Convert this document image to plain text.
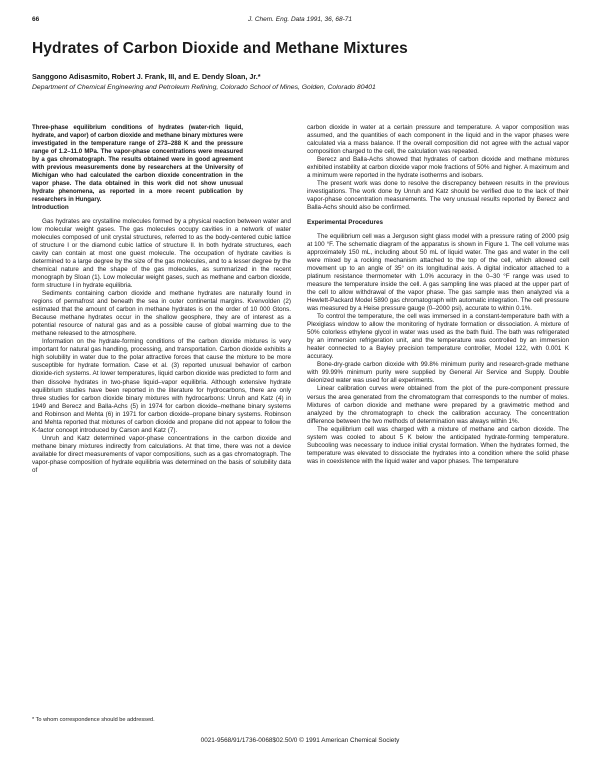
66	J. Chem. Eng. Data 1991, 36, 68-71
Hydrates of Carbon Dioxide and Methane Mixtures
Sanggono Adisasmito, Robert J. Frank, III, and E. Dendy Sloan, Jr.*
Department of Chemical Engineering and Petroleum Refining, Colorado School of Mines, Golden, Colorado 80401

Three-phase equilibrium conditions of hydrates (water-rich liquid, hydrate, and vapor) of carbon dioxide and methane binary mixtures were investigated in the temperature range of 273–288 K and the pressure range of 1.2–11.0 MPa. The vapor-phase concentrations were measured by a gas chromatograph. The results obtained were in good agreement with previous measurements done by researchers at the University of Michigan who had calculated the carbon dioxide concentration in the vapor phase. The data obtained in this work did not show unusual hydrate phenomena, as reported in a more recent publication by researchers in Hungary.

Introduction

Gas hydrates are crystalline molecules formed by a physical reaction between water and low molecular weight gases. The gas molecules occupy cavities in a network of water molecules composed of unit crystal structures, referred to as the body-centered cubic lattice of structure I or the diamond cubic lattice of structure II. In both hydrate structures, each cavity can contain at most one guest molecule. The occupation of hydrate cavities is determined to a large degree by the size of the gas molecules, and to a lesser degree by the chemical nature and the shape of the gas molecules, as summarized in the recent monograph by Sloan (1). Low molecular weight gases, such as methane and carbon dioxide, form structure I in hydrate equilibria.

Sediments containing carbon dioxide and methane hydrates are naturally found in regions of permafrost and beneath the sea in outer continental margins. Kvenvolden (2) estimated that the amount of carbon in methane hydrates is on the order of 10 000 Gtons. Because methane hydrates occur in the shallow geosphere, they are of interest as a potential resource of natural gas and as a possible cause of global warming due to the methane released to the atmosphere.

Information on the hydrate-forming conditions of the carbon dioxide mixtures is very important for natural gas handling, processing, and transportation. Carbon dioxide exhibits a high solubility in water due to the polar attractive forces that cause the mixture to be more susceptible for hydrate formation. Case et al. (3) reported unusual behavior of carbon dioxide-rich systems. At lower temperatures, liquid carbon dioxide was predicted to form and then dissolve hydrates in two-phase liquid–vapor equilibria. Although extensive hydrate equilibrium studies have been reported in the literature for hydrocarbons, there are only three studies for carbon dioxide binary mixtures with hydrocarbons: Unruh and Katz (4) in 1949 and Berecz and Balla-Achs (5) in 1974 for carbon dioxide–methane binary systems and Robinson and Mehta (6) in 1971 for carbon dioxide–propane binary systems. Robinson and Mehta reported that mixtures of carbon dioxide and propane did not appear to follow the K-factor concept introduced by Carson and Katz (7).

Unruh and Katz determined vapor-phase concentrations in the carbon dioxide and methane binary mixtures indirectly from calculations. At that time, there was not a device available for direct measurements of vapor compositions, such as a gas chromatograph. The vapor-phase composition of hydrate equilibria was determined on the basis of solubility data of

carbon dioxide in water at a certain pressure and temperature. A vapor composition was assumed, and the quantities of each component in the liquid and in the vapor phases were calculated via a mass balance. If the overall composition did not agree with the actual vapor composition charged to the cell, the calculation was repeated.

Berecz and Balla-Achs showed that hydrates of carbon dioxide and methane mixtures exhibited instability at carbon dioxide vapor mole fractions of 50% and higher. A maximum and a minimum were reported in the hydrate isotherms and isobars.

The present work was done to resolve the discrepancy between results in the previous investigations. The work done by Unruh and Katz should be verified due to the lack of their vapor-phase concentration measurements. The very unusual results reported by Berecz and Balla-Achs should also be confirmed.

Experimental Procedures

The equilibrium cell was a Jerguson sight glass model with a pressure rating of 2000 psig at 100 °F. The schematic diagram of the apparatus is shown in Figure 1. The cell volume was approximately 150 mL, including about 50 mL of liquid water. The gas and water in the cell were mixed by a rocking mechanism attached to the top of the cell, which allowed cell movement up to an angle of 35° on its longitudinal axis. A digital indicator attached to a platinum resistance thermometer with 1.0% accuracy in the 0–30 °F range was used to measure the temperature inside the cell. A gas sampling line was placed at the upper part of the cell to allow withdrawal of the vapor phase. The gas sample was then analyzed via a Hewlett-Packard Model 5890 gas chromatograph with automatic integration. The cell pressure was measured by a Heise pressure gauge (0–2000 psi), accurate to within 0.1%.

To control the temperature, the cell was immersed in a constant-temperature bath with a Plexiglass window to allow the monitoring of hydrate formation or dissociation. A mixture of 50% colorless ethylene glycol in water was used as the bath fluid. The bath was refrigerated by an immersion refrigeration unit, and the temperature was controlled by an immersion heater connected to a Bayley precision temperature controller, Model 122, with 0.001 K accuracy.

Bone-dry-grade carbon dioxide with 99.8% minimum purity and research-grade methane with 99.99% minimum purity were supplied by General Air Service and Supply. Double deionized water was used for all experiments.

Linear calibration curves were obtained from the plot of the pure-component pressure versus the area generated from the chromatogram that corresponds to the number of moles. Mixtures of carbon dioxide and methane were prepared by a gravimetric method and analyzed by the chromatograph to check the calibration accuracy. The concentration difference between the two methods of determination was always within 1%.

The equilibrium cell was charged with a mixture of methane and carbon dioxide. The system was cooled to about 5 K below the anticipated hydrate-forming temperature. Subcooling was necessary to induce initial crystal formation. When the hydrates formed, the temperature was elevated to dissociate the hydrates into a condition where the solid phase was in coexistence with the liquid water and vapor phases. The temperature

* To whom correspondence should be addressed.
0021-9568/91/1736-0068$02.50/0 © 1991 American Chemical Society
